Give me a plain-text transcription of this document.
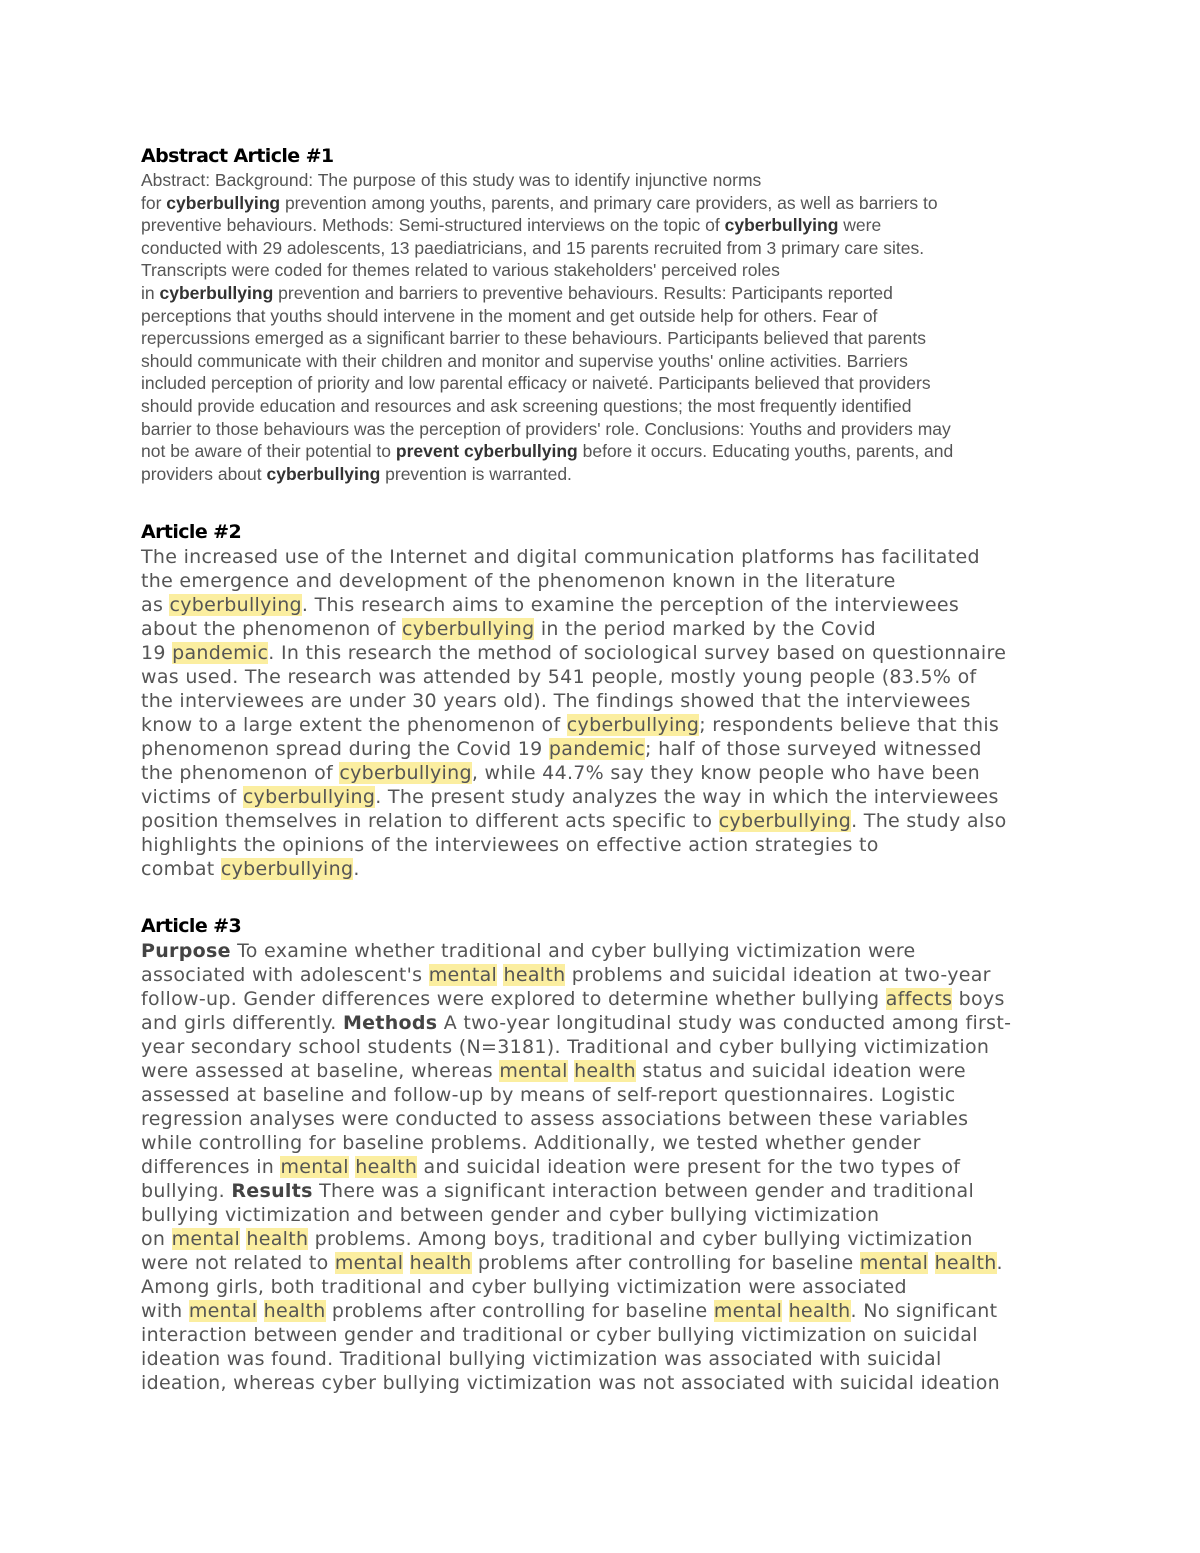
Abstract Article #1

Abstract: Background: The purpose of this study was to identify injunctive norms
for cyberbullying prevention among youths, parents, and primary care providers, as well as barriers to
preventive behaviours. Methods: Semi-structured interviews on the topic of cyberbullying were
conducted with 29 adolescents, 13 paediatricians, and 15 parents recruited from 3 primary care sites.
Transcripts were coded for themes related to various stakeholders' perceived roles
in cyberbullying prevention and barriers to preventive behaviours. Results: Participants reported
perceptions that youths should intervene in the moment and get outside help for others. Fear of
repercussions emerged as a significant barrier to these behaviours. Participants believed that parents
should communicate with their children and monitor and supervise youths' online activities. Barriers
included perception of priority and low parental efficacy or naiveté. Participants believed that providers
should provide education and resources and ask screening questions; the most frequently identified
barrier to those behaviours was the perception of providers' role. Conclusions: Youths and providers may
not be aware of their potential to prevent cyberbullying before it occurs. Educating youths, parents, and
providers about cyberbullying prevention is warranted.

Article #2

The increased use of the Internet and digital communication platforms has facilitated
the emergence and development of the phenomenon known in the literature
as cyberbullying. This research aims to examine the perception of the interviewees
about the phenomenon of cyberbullying in the period marked by the Covid
19 pandemic. In this research the method of sociological survey based on questionnaire
was used. The research was attended by 541 people, mostly young people (83.5% of
the interviewees are under 30 years old). The findings showed that the interviewees
know to a large extent the phenomenon of cyberbullying; respondents believe that this
phenomenon spread during the Covid 19 pandemic; half of those surveyed witnessed
the phenomenon of cyberbullying, while 44.7% say they know people who have been
victims of cyberbullying. The present study analyzes the way in which the interviewees
position themselves in relation to different acts specific to cyberbullying. The study also
highlights the opinions of the interviewees on effective action strategies to
combat cyberbullying.

Article #3

Purpose To examine whether traditional and cyber bullying victimization were
associated with adolescent's mental health problems and suicidal ideation at two-year
follow-up. Gender differences were explored to determine whether bullying affects boys
and girls differently. Methods A two-year longitudinal study was conducted among first-
year secondary school students (N=3181). Traditional and cyber bullying victimization
were assessed at baseline, whereas mental health status and suicidal ideation were
assessed at baseline and follow-up by means of self-report questionnaires. Logistic
regression analyses were conducted to assess associations between these variables
while controlling for baseline problems. Additionally, we tested whether gender
differences in mental health and suicidal ideation were present for the two types of
bullying. Results There was a significant interaction between gender and traditional
bullying victimization and between gender and cyber bullying victimization
on mental health problems. Among boys, traditional and cyber bullying victimization
were not related to mental health problems after controlling for baseline mental health.
Among girls, both traditional and cyber bullying victimization were associated
with mental health problems after controlling for baseline mental health. No significant
interaction between gender and traditional or cyber bullying victimization on suicidal
ideation was found. Traditional bullying victimization was associated with suicidal
ideation, whereas cyber bullying victimization was not associated with suicidal ideation
